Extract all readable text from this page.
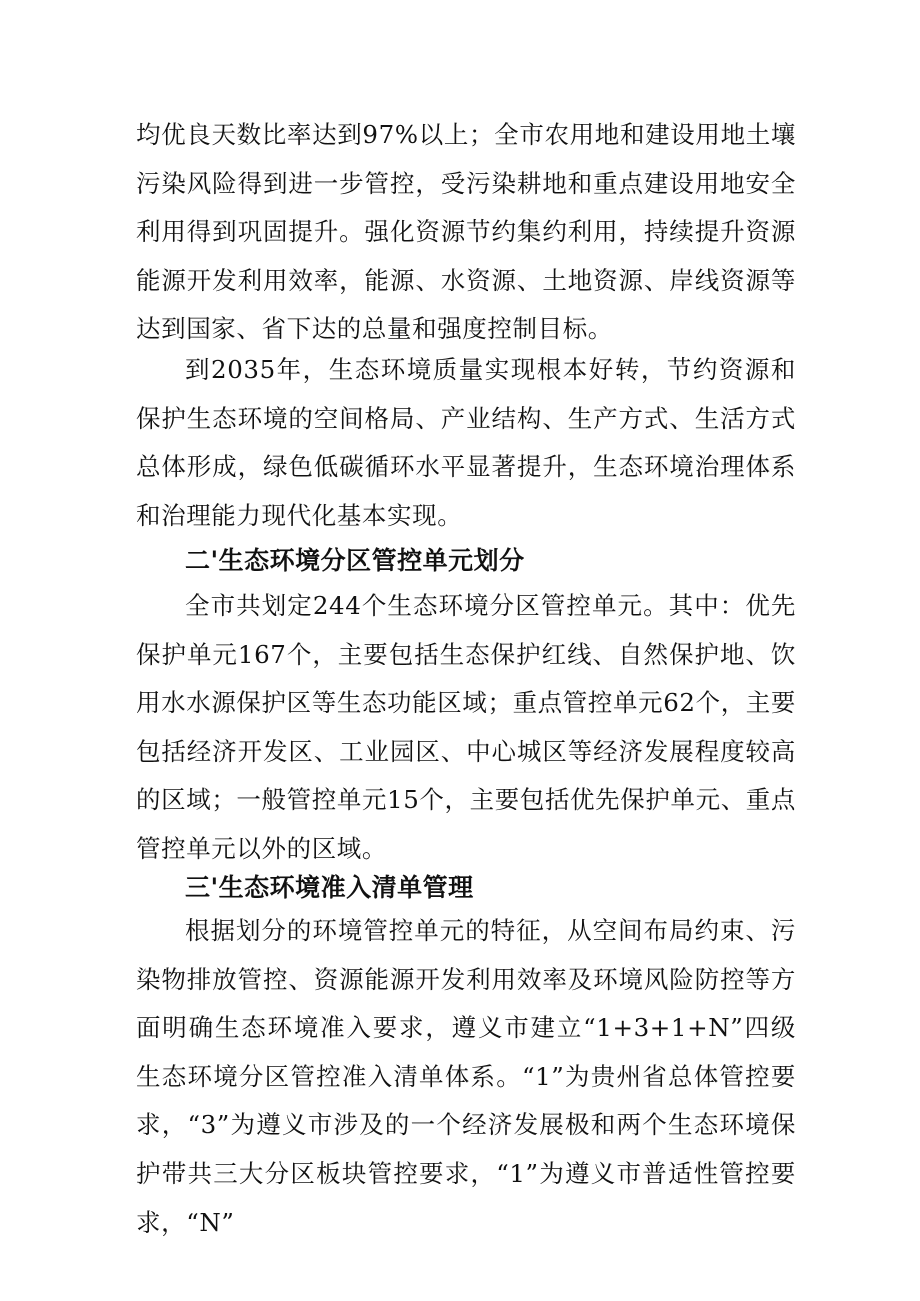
均优良天数比率达到97%以上；全市农用地和建设用地土壤污染风险得到进一步管控，受污染耕地和重点建设用地安全利用得到巩固提升。强化资源节约集约利用，持续提升资源能源开发利用效率，能源、水资源、土地资源、岸线资源等达到国家、省下达的总量和强度控制目标。

到2035年，生态环境质量实现根本好转，节约资源和保护生态环境的空间格局、产业结构、生产方式、生活方式总体形成，绿色低碳循环水平显著提升，生态环境治理体系和治理能力现代化基本实现。

二'生态环境分区管控单元划分

全市共划定244个生态环境分区管控单元。其中：优先保护单元167个，主要包括生态保护红线、自然保护地、饮用水水源保护区等生态功能区域；重点管控单元62个，主要包括经济开发区、工业园区、中心城区等经济发展程度较高的区域；一般管控单元15个，主要包括优先保护单元、重点管控单元以外的区域。

三'生态环境准入清单管理

根据划分的环境管控单元的特征，从空间布局约束、污染物排放管控、资源能源开发利用效率及环境风险防控等方面明确生态环境准入要求，遵义市建立“1+3+1+N”四级生态环境分区管控准入清单体系。“1”为贵州省总体管控要求，“3”为遵义市涉及的一个经济发展极和两个生态环境保护带共三大分区板块管控要求，“1”为遵义市普适性管控要求，“N”
